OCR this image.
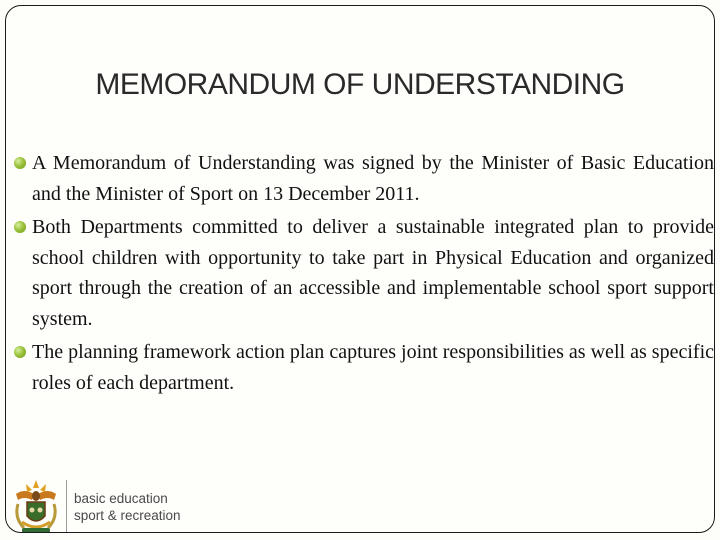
MEMORANDUM OF UNDERSTANDING
A Memorandum of Understanding was signed by the Minister of Basic Education and the Minister of Sport on 13 December 2011.
Both Departments committed to deliver a sustainable integrated plan to provide school children with opportunity to take part in Physical Education and organized sport through the creation of an accessible and implementable school sport support system.
The planning framework action plan captures joint responsibilities as well as specific roles of each department.
basic education
sport & recreation
